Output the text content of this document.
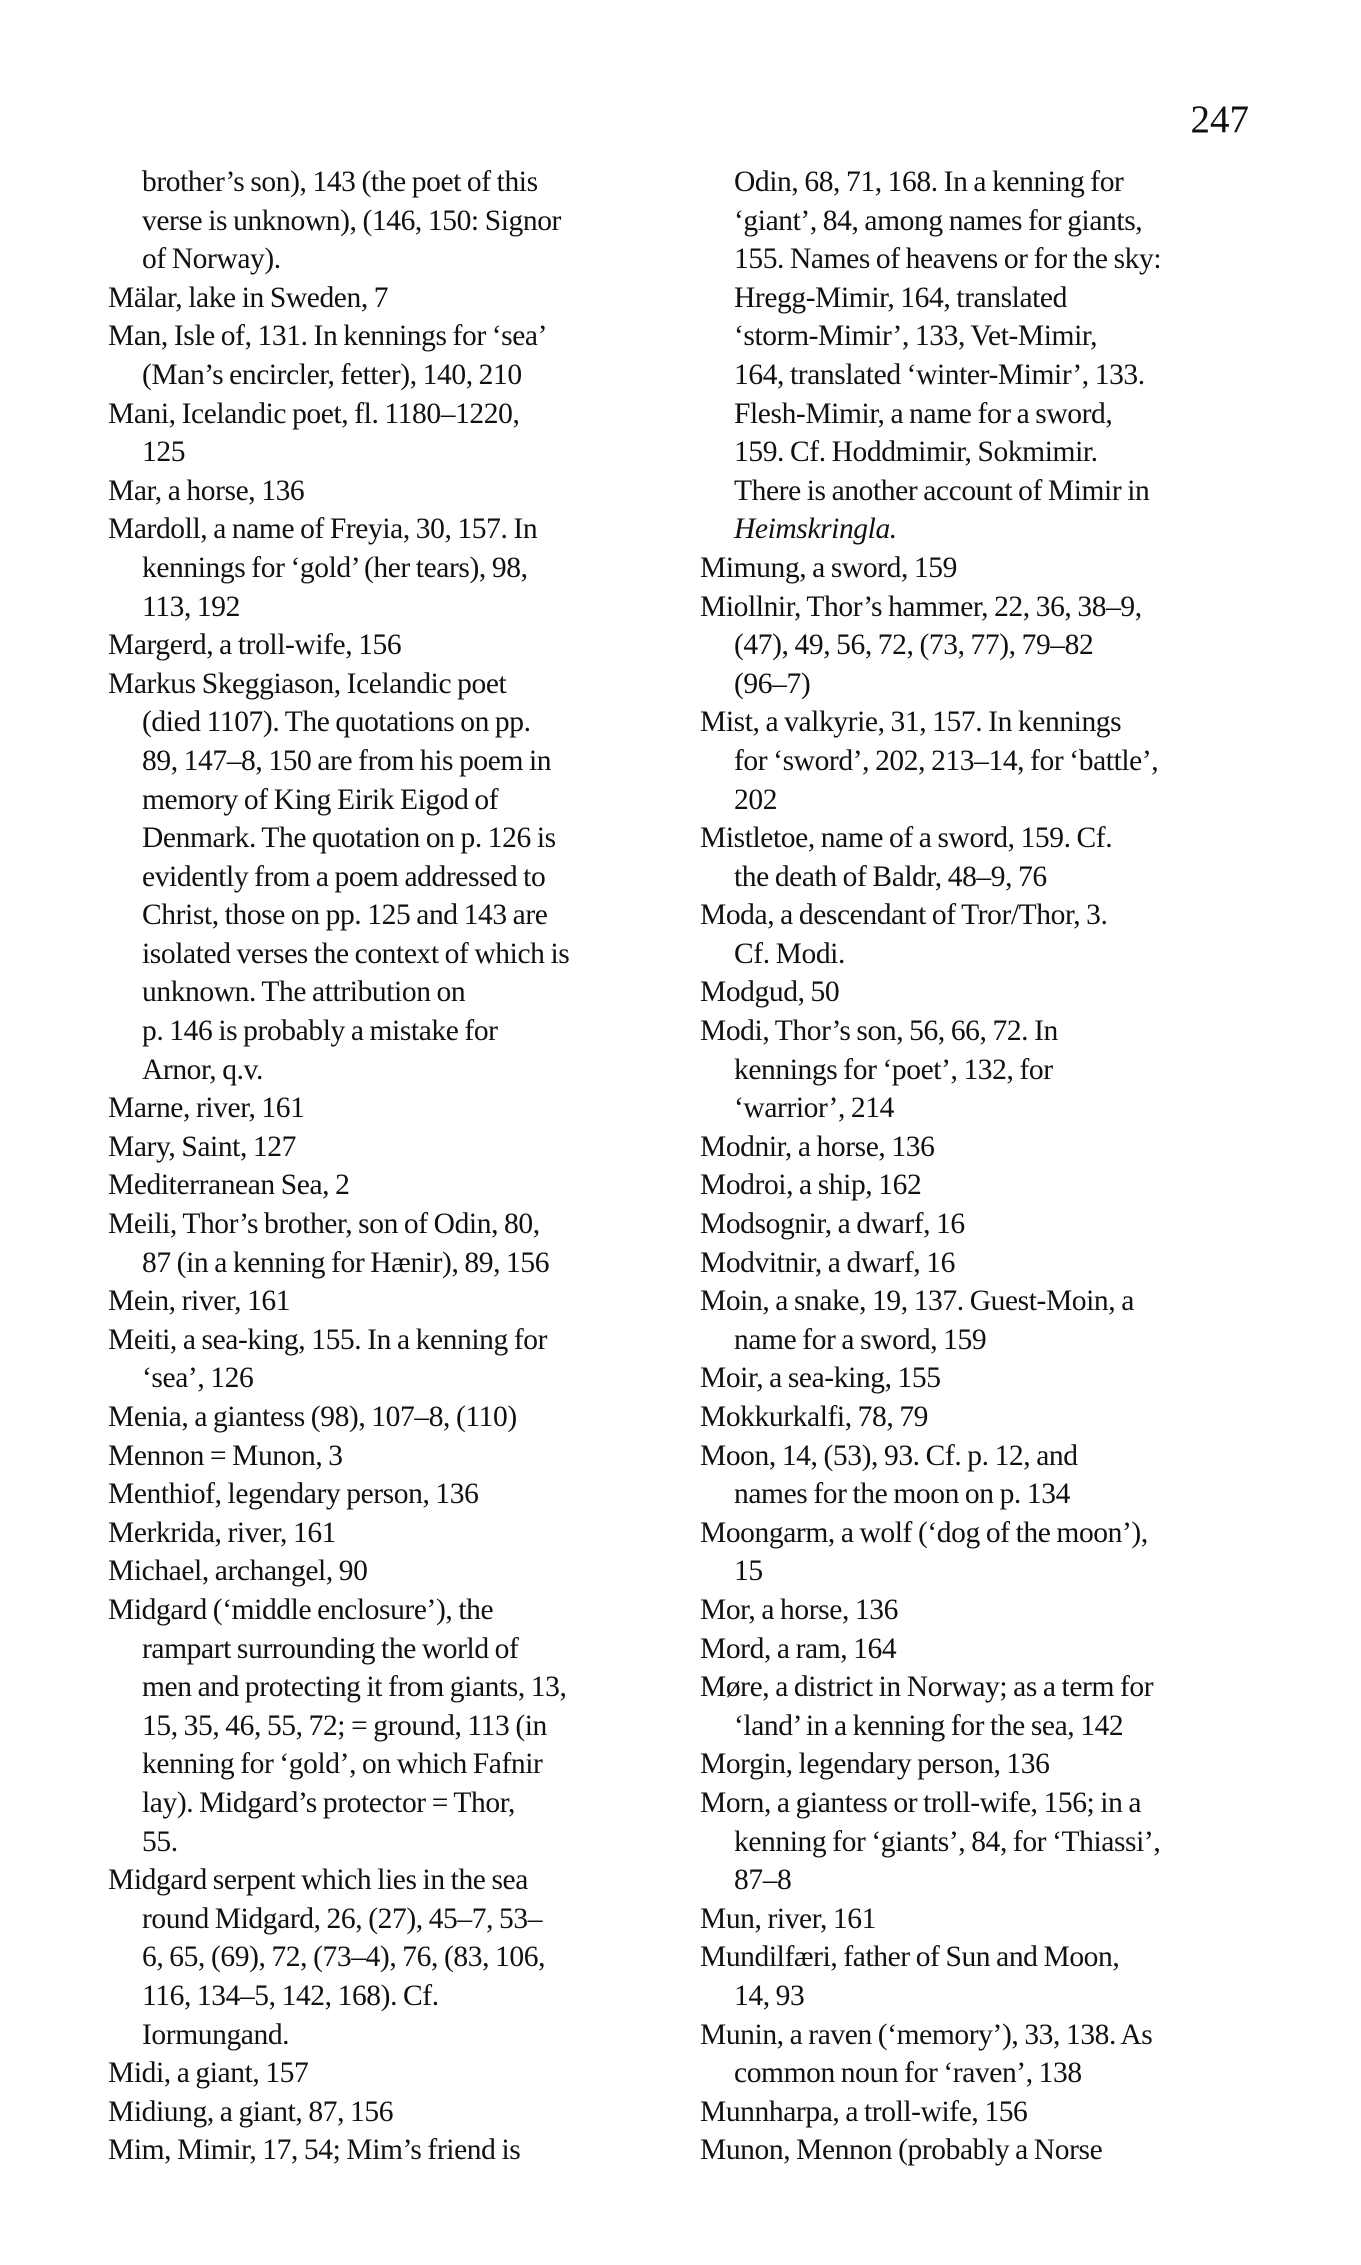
247
brother’s son), 143 (the poet of this
verse is unknown), (146, 150: Signor
of Norway).
Mälar, lake in Sweden, 7
Man, Isle of, 131. In kennings for ‘sea’
(Man’s encircler, fetter), 140, 210
Mani, Icelandic poet, fl. 1180–1220,
125
Mar, a horse, 136
Mardoll, a name of Freyia, 30, 157. In
kennings for ‘gold’ (her tears), 98,
113, 192
Margerd, a troll-wife, 156
Markus Skeggiason, Icelandic poet
(died 1107). The quotations on pp.
89, 147–8, 150 are from his poem in
memory of King Eirik Eigod of
Denmark. The quotation on p. 126 is
evidently from a poem addressed to
Christ, those on pp. 125 and 143 are
isolated verses the context of which is
unknown. The attribution on
p. 146 is probably a mistake for
Arnor, q.v.
Marne, river, 161
Mary, Saint, 127
Mediterranean Sea, 2
Meili, Thor’s brother, son of Odin, 80,
87 (in a kenning for Hænir), 89, 156
Mein, river, 161
Meiti, a sea-king, 155. In a kenning for
‘sea’, 126
Menia, a giantess (98), 107–8, (110)
Mennon = Munon, 3
Menthiof, legendary person, 136
Merkrida, river, 161
Michael, archangel, 90
Midgard (‘middle enclosure’), the
rampart surrounding the world of
men and protecting it from giants, 13,
15, 35, 46, 55, 72; = ground, 113 (in
kenning for ‘gold’, on which Fafnir
lay). Midgard’s protector = Thor,
55.
Midgard serpent which lies in the sea
round Midgard, 26, (27), 45–7, 53–
6, 65, (69), 72, (73–4), 76, (83, 106,
116, 134–5, 142, 168). Cf.
Iormungand.
Midi, a giant, 157
Midiung, a giant, 87, 156
Mim, Mimir, 17, 54; Mim’s friend is
Odin, 68, 71, 168. In a kenning for
‘giant’, 84, among names for giants,
155. Names of heavens or for the sky:
Hregg-Mimir, 164, translated
‘storm-Mimir’, 133, Vet-Mimir,
164, translated ‘winter-Mimir’, 133.
Flesh-Mimir, a name for a sword,
159. Cf. Hoddmimir, Sokmimir.
There is another account of Mimir in
Heimskringla.
Mimung, a sword, 159
Miollnir, Thor’s hammer, 22, 36, 38–9,
(47), 49, 56, 72, (73, 77), 79–82
(96–7)
Mist, a valkyrie, 31, 157. In kennings
for ‘sword’, 202, 213–14, for ‘battle’,
202
Mistletoe, name of a sword, 159. Cf.
the death of Baldr, 48–9, 76
Moda, a descendant of Tror/Thor, 3.
Cf. Modi.
Modgud, 50
Modi, Thor’s son, 56, 66, 72. In
kennings for ‘poet’, 132, for
‘warrior’, 214
Modnir, a horse, 136
Modroi, a ship, 162
Modsognir, a dwarf, 16
Modvitnir, a dwarf, 16
Moin, a snake, 19, 137. Guest-Moin, a
name for a sword, 159
Moir, a sea-king, 155
Mokkurkalfi, 78, 79
Moon, 14, (53), 93. Cf. p. 12, and
names for the moon on p. 134
Moongarm, a wolf (‘dog of the moon’),
15
Mor, a horse, 136
Mord, a ram, 164
Møre, a district in Norway; as a term for
‘land’ in a kenning for the sea, 142
Morgin, legendary person, 136
Morn, a giantess or troll-wife, 156; in a
kenning for ‘giants’, 84, for ‘Thiassi’,
87–8
Mun, river, 161
Mundilfæri, father of Sun and Moon,
14, 93
Munin, a raven (‘memory’), 33, 138. As
common noun for ‘raven’, 138
Munnharpa, a troll-wife, 156
Munon, Mennon (probably a Norse
